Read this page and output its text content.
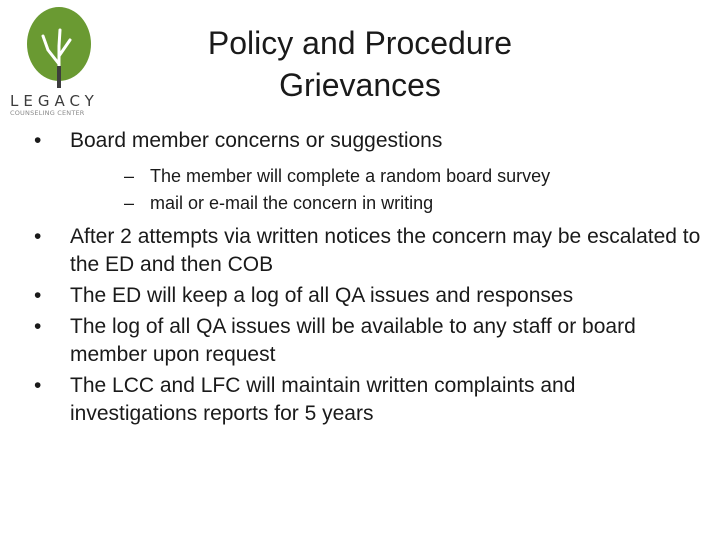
LEGACY
COUNSELING CENTER
Policy and Procedure
Grievances
• Board member concerns or suggestions
– The member will complete a random board survey
– mail or e-mail the concern in writing
• After 2 attempts via written notices the concern may be escalated to the ED and then COB
• The ED will keep a log of all QA issues and responses
• The log of all QA issues will be available to any staff or board member upon request
• The LCC and LFC will maintain written complaints and investigations reports for 5 years
